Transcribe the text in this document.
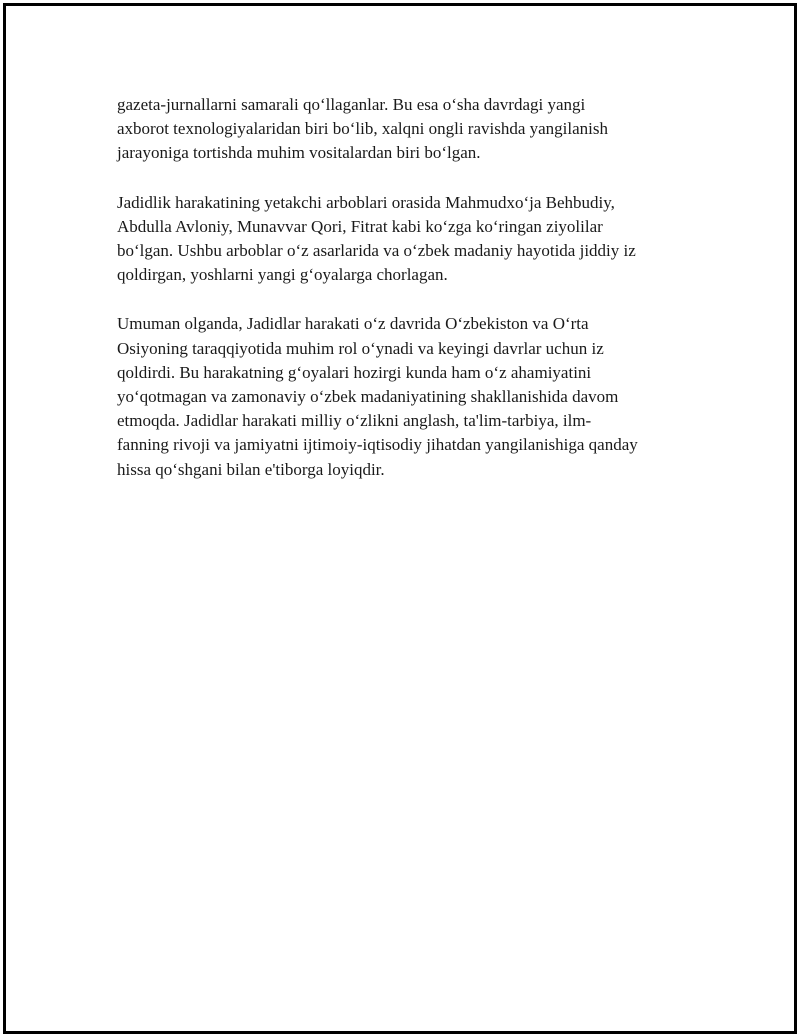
gazeta-jurnallarni samarali qo‘llaganlar. Bu esa o‘sha davrdagi yangi
axborot texnologiyalaridan biri bo‘lib, xalqni ongli ravishda yangilanish
jarayoniga tortishda muhim vositalardan biri bo‘lgan.

Jadidlik harakatining yetakchi arboblari orasida Mahmudxo‘ja Behbudiy,
Abdulla Avloniy, Munavvar Qori, Fitrat kabi ko‘zga ko‘ringan ziyolilar
bo‘lgan. Ushbu arboblar o‘z asarlarida va o‘zbek madaniy hayotida jiddiy iz
qoldirgan, yoshlarni yangi g‘oyalarga chorlagan.

Umuman olganda, Jadidlar harakati o‘z davrida O‘zbekiston va O‘rta
Osiyoning taraqqiyotida muhim rol o‘ynadi va keyingi davrlar uchun iz
qoldirdi. Bu harakatning g‘oyalari hozirgi kunda ham o‘z ahamiyatini
yo‘qotmagan va zamonaviy o‘zbek madaniyatining shakllanishida davom
etmoqda. Jadidlar harakati milliy o‘zlikni anglash, ta'lim-tarbiya, ilm-
fanning rivoji va jamiyatni ijtimoiy-iqtisodiy jihatdan yangilanishiga qanday
hissa qo‘shgani bilan e'tiborga loyiqdir.
